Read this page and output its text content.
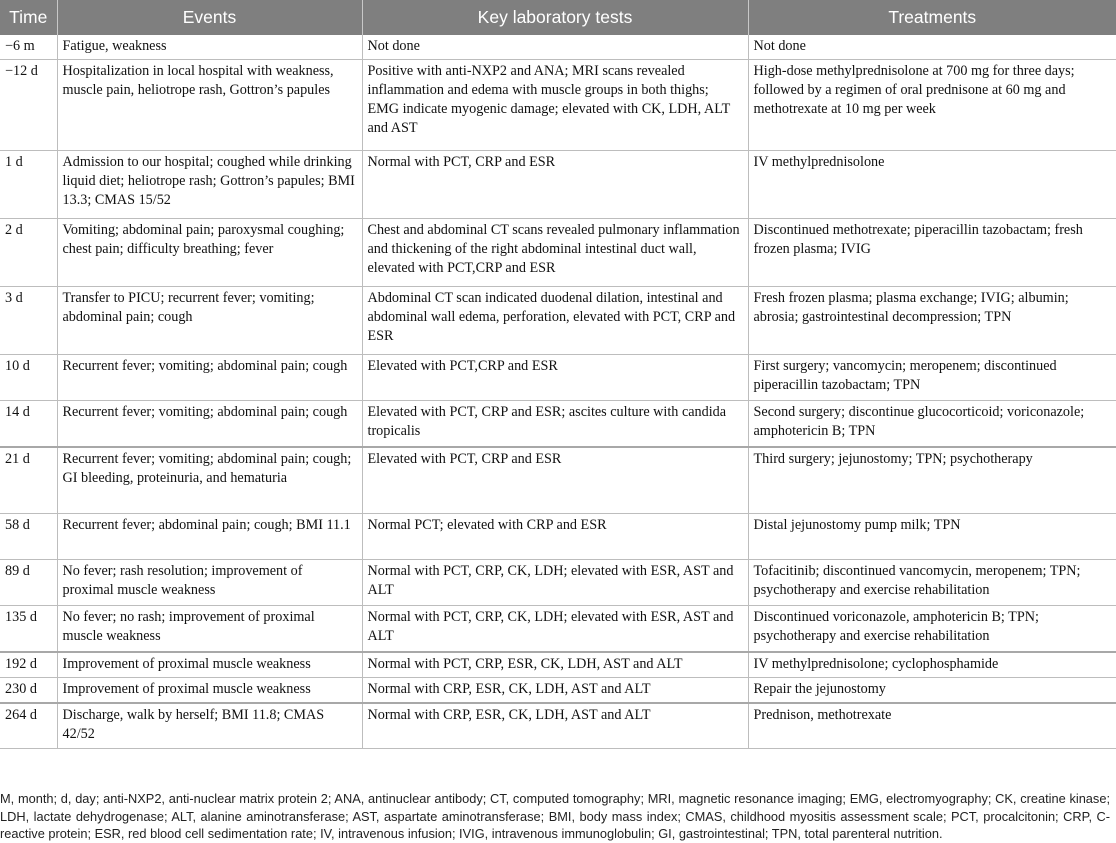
Time	Events	Key laboratory tests	Treatments
−6 m	Fatigue, weakness	Not done	Not done
−12 d	Hospitalization in local hospital with weakness, muscle pain, heliotrope rash, Gottron’s papules	Positive with anti-NXP2 and ANA; MRI scans revealed inflammation and edema with muscle groups in both thighs; EMG indicate myogenic damage; elevated with CK, LDH, ALT and AST	High-dose methylprednisolone at 700 mg for three days; followed by a regimen of oral prednisone at 60 mg and methotrexate at 10 mg per week
1 d	Admission to our hospital; coughed while drinking liquid diet; heliotrope rash; Gottron’s papules; BMI 13.3; CMAS 15/52	Normal with PCT, CRP and ESR	IV methylprednisolone
2 d	Vomiting; abdominal pain; paroxysmal coughing; chest pain; difficulty breathing; fever	Chest and abdominal CT scans revealed pulmonary inflammation and thickening of the right abdominal intestinal duct wall, elevated with PCT,CRP and ESR	Discontinued methotrexate; piperacillin tazobactam; fresh frozen plasma; IVIG
3 d	Transfer to PICU; recurrent fever; vomiting; abdominal pain; cough	Abdominal CT scan indicated duodenal dilation, intestinal and abdominal wall edema, perforation, elevated with PCT, CRP and ESR	Fresh frozen plasma; plasma exchange; IVIG; albumin; abrosia; gastrointestinal decompression; TPN
10 d	Recurrent fever; vomiting; abdominal pain; cough	Elevated with PCT,CRP and ESR	First surgery; vancomycin; meropenem; discontinued piperacillin tazobactam; TPN
14 d	Recurrent fever; vomiting; abdominal pain; cough	Elevated with PCT, CRP and ESR; ascites culture with candida tropicalis	Second surgery; discontinue glucocorticoid; voriconazole; amphotericin B; TPN
21 d	Recurrent fever; vomiting; abdominal pain; cough; GI bleeding, proteinuria, and hematuria	Elevated with PCT, CRP and ESR	Third surgery; jejunostomy; TPN; psychotherapy
58 d	Recurrent fever; abdominal pain; cough; BMI 11.1	Normal PCT; elevated with CRP and ESR	Distal jejunostomy pump milk; TPN
89 d	No fever; rash resolution; improvement of proximal muscle weakness	Normal with PCT, CRP, CK, LDH; elevated with ESR, AST and ALT	Tofacitinib; discontinued vancomycin, meropenem; TPN; psychotherapy and exercise rehabilitation
135 d	No fever; no rash; improvement of proximal muscle weakness	Normal with PCT, CRP, CK, LDH; elevated with ESR, AST and ALT	Discontinued voriconazole, amphotericin B; TPN; psychotherapy and exercise rehabilitation
192 d	Improvement of proximal muscle weakness	Normal with PCT, CRP, ESR, CK, LDH, AST and ALT	IV methylprednisolone; cyclophosphamide
230 d	Improvement of proximal muscle weakness	Normal with CRP, ESR, CK, LDH, AST and ALT	Repair the jejunostomy
264 d	Discharge, walk by herself; BMI 11.8; CMAS 42/52	Normal with CRP, ESR, CK, LDH, AST and ALT	Prednison, methotrexate
M, month; d, day; anti-NXP2, anti-nuclear matrix protein 2; ANA, antinuclear antibody; CT, computed tomography; MRI, magnetic resonance imaging; EMG, electromyography; CK, creatine kinase; LDH, lactate dehydrogenase; ALT, alanine aminotransferase; AST, aspartate aminotransferase; BMI, body mass index; CMAS, childhood myositis assessment scale; PCT, procalcitonin; CRP, C-reactive protein; ESR, red blood cell sedimentation rate; IV, intravenous infusion; IVIG, intravenous immunoglobulin; GI, gastrointestinal; TPN, total parenteral nutrition.
